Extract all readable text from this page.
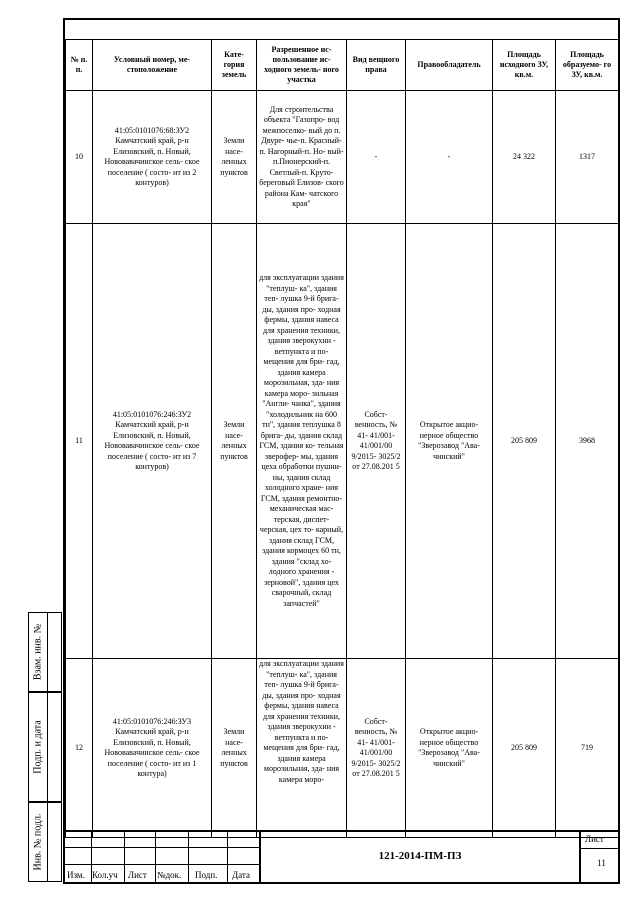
№ п. п.	Условный номер, ме- стоположение	Кате- гория земель	Разрешенное ис- пользование ис- ходного земель- ного участка	Вид вещного права	Правообладатель	Площадь исходного ЗУ, кв.м.	Площадь образуемо- го ЗУ, кв.м.
10	41:05:0101076:68:ЗУ2 Камчатский край, р-н Елизовский, п. Новый, Нововавачинское сель- ское поселение ( состо- ит из 2 контуров)	Земли насе- ленных пунктов	Для строительства объекта "Газопро- вод межпоселко- вый до п. Двуре- чье-п. Красный-п. Нагорный-п. Но- вый- п.Пионерский-п. Светлый-п. Круто- береговый Елизов- ского района Кам- чатского края"	-	-	24 322	1317
11	41:05:0101076:246:ЗУ2 Камчатский край, р-н Елизовский, п. Новый, Нововавачинское сель- ское поселение ( состо- ит из 7 контуров)	Земли насе- ленных пунктов	для эксплуатации здания "теплуш- ка", здания теп- лушка 9-й брига- ды, здания про- ходная фермы, здания навеса для хранения техники, здания зверокухни - ветпункта и по- мещения для бри- гад, здания камера морозильная, зда- ния камера моро- зильная "Англи- чанка", здания "холодильник на 600 тн", здания теплушка 8 брига- ды, здания склад ГСМ, здания ко- тельная зверофер- мы, здания цеха обработки пушни- ны, здания склад холодного хране- ния ГСМ, здания ремонтно- механическая мас- терская, диспет- черская, цех то- карный, здания склад ГСМ, здания кормоцех 60 тн, здания "склад хо- лодного хранения - зерновой", здания цех сварочный, склад запчастей"	Собст- венность, № 41- 41/001- 41/001/00 9/2015- 3025/2 от 27.08.201 5	Открытое акцио- нерное общество "Зверозавод "Ава- чинский"	205 809	3968
12	41:05:0101076:246:ЗУ3 Камчатский край, р-н Елизовский, п. Новый, Нововавачинское сель- ское поселение ( состо- ит из 1 контура)	Земли насе- ленных пунктов	для эксплуатации здания "теплуш- ка", здания теп- лушка 9-й брига- ды, здания про- ходная фермы, здания навеса для хранения техники, здания зверокухни - ветпункта и по- мещения для бри- гад, здания камера морозильная, зда- ния камера моро-	Собст- венность, № 41- 41/001- 41/001/00 9/2015- 3025/2 от 27.08.201 5	Открытое акцио- нерное общество "Зверозавод "Ава- чинский"	205 809	719
Взам. инв. №
Подп. и дата
Инв. № подл.
Изм. Кол.уч Лист №док. Подп. Дата
121-2014-ПМ-ПЗ
Лист
11
